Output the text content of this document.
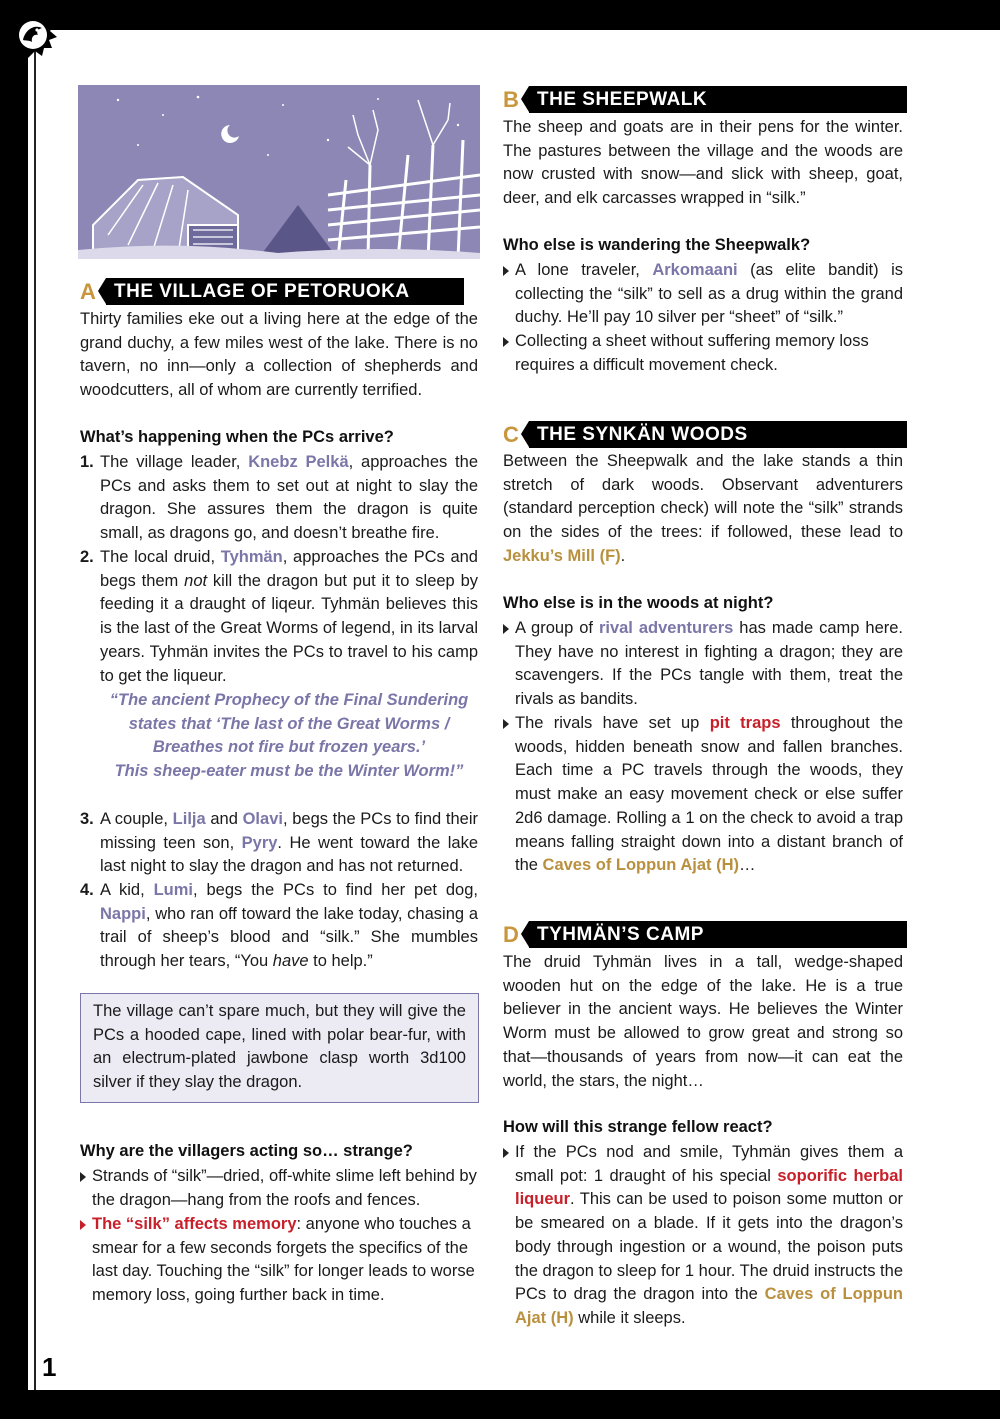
A THE VILLAGE OF PETORUOKA
Thirty families eke out a living here at the edge of the grand duchy, a few miles west of the lake. There is no tavern, no inn—only a collection of shepherds and woodcutters, all of whom are currently terrified.
What’s happening when the PCs arrive?
1. The village leader, Knebz Pelkä, approaches the PCs and asks them to set out at night to slay the dragon. She assures them the dragon is quite small, as dragons go, and doesn’t breathe fire.
2. The local druid, Tyhmän, approaches the PCs and begs them not kill the dragon but put it to sleep by feeding it a draught of liqeur. Tyhmän believes this is the last of the Great Worms of legend, in its larval years. Tyhmän invites the PCs to travel to his camp to get the liqueur.
“The ancient Prophecy of the Final Sundering
states that ‘The last of the Great Worms /
Breathes not fire but frozen years.’
This sheep-eater must be the Winter Worm!”
3. A couple, Lilja and Olavi, begs the PCs to find their missing teen son, Pyry. He went toward the lake last night to slay the dragon and has not returned.
4. A kid, Lumi, begs the PCs to find her pet dog, Nappi, who ran off toward the lake today, chasing a trail of sheep’s blood and “silk.” She mumbles through her tears, “You have to help.”
The village can’t spare much, but they will give the PCs a hooded cape, lined with polar bear-fur, with an electrum-plated jawbone clasp worth 3d100 silver if they slay the dragon.
Why are the villagers acting so… strange?
Strands of “silk”—dried, off-white slime left behind by the dragon—hang from the roofs and fences.
The “silk” affects memory: anyone who touches a smear for a few seconds forgets the specifics of the last day. Touching the “silk” for longer leads to worse memory loss, going further back in time.
B THE SHEEPWALK
The sheep and goats are in their pens for the winter. The pastures between the village and the woods are now crusted with snow—and slick with sheep, goat, deer, and elk carcasses wrapped in “silk.”
Who else is wandering the Sheepwalk?
A lone traveler, Arkomaani (as elite bandit) is collecting the “silk” to sell as a drug within the grand duchy. He’ll pay 10 silver per “sheet” of “silk.”
Collecting a sheet without suffering memory loss requires a difficult movement check.
C THE SYNKÄN WOODS
Between the Sheepwalk and the lake stands a thin stretch of dark woods. Observant adventurers (standard perception check) will note the “silk” strands on the sides of the trees: if followed, these lead to Jekku’s Mill (F).
Who else is in the woods at night?
A group of rival adventurers has made camp here. They have no interest in fighting a dragon; they are scavengers. If the PCs tangle with them, treat the rivals as bandits.
The rivals have set up pit traps throughout the woods, hidden beneath snow and fallen branches. Each time a PC travels through the woods, they must make an easy movement check or else suffer 2d6 damage. Rolling a 1 on the check to avoid a trap means falling straight down into a distant branch of the Caves of Loppun Ajat (H)…
D TYHMÄN’S CAMP
The druid Tyhmän lives in a tall, wedge-shaped wooden hut on the edge of the lake. He is a true believer in the ancient ways. He believes the Winter Worm must be allowed to grow great and strong so that—thousands of years from now—it can eat the world, the stars, the night…
How will this strange fellow react?
If the PCs nod and smile, Tyhmän gives them a small pot: 1 draught of his special soporific herbal liqueur. This can be used to poison some mutton or be smeared on a blade. If it gets into the dragon’s body through ingestion or a wound, the poison puts the dragon to sleep for 1 hour. The druid instructs the PCs to drag the dragon into the Caves of Loppun Ajat (H) while it sleeps.
1
